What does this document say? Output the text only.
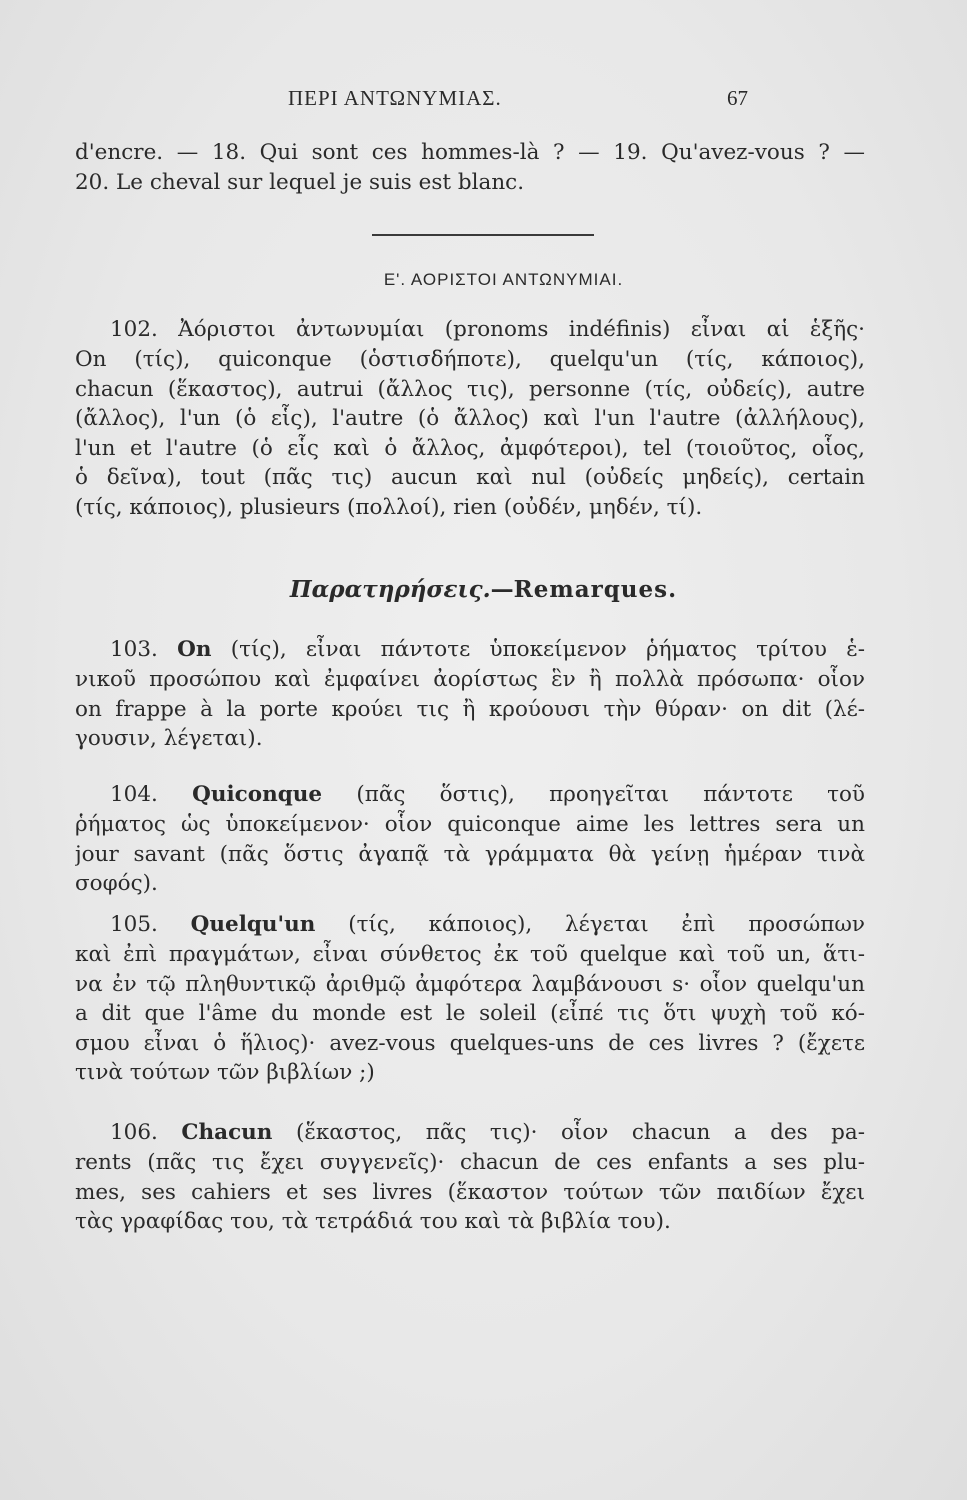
ΠΕΡΙ ΑΝΤΩΝΥΜΙΑΣ.	67
d'encre. — 18. Qui sont ces hommes-là ? — 19. Qu'avez-vous ? —
20. Le cheval sur lequel je suis est blanc.
Ε'. ΑΟΡΙΣΤΟΙ ΑΝΤΩΝΥΜΙΑΙ.
102. Ἀόριστοι ἀντωνυμίαι (pronoms indéfinis) εἶναι αἱ ἑξῆς·
On (τίς), quiconque (ὁστισδήποτε), quelqu'un (τίς, κάποιος),
chacun (ἕκαστος), autrui (ἄλλος τις), personne (τίς, οὐδείς), autre
(ἄλλος), l'un (ὁ εἷς), l'autre (ὁ ἄλλος) καὶ l'un l'autre (ἀλλήλους),
l'un et l'autre (ὁ εἷς καὶ ὁ ἄλλος, ἀμφότεροι), tel (τοιοῦτος, οἷος,
ὁ δεῖνα), tout (πᾶς τις) aucun καὶ nul (οὐδείς μηδείς), certain
(τίς, κάποιος), plusieurs (πολλοί), rien (οὐδέν, μηδέν, τί).
Παρατηρήσεις.—Remarques.
103. On (τίς), εἶναι πάντοτε ὑποκείμενον ῥήματος τρίτου ἑ-
νικοῦ προσώπου καὶ ἐμφαίνει ἀορίστως ἓν ἢ πολλὰ πρόσωπα· οἷον
on frappe à la porte κρούει τις ἢ κρούουσι τὴν θύραν· on dit (λέ-
γουσιν, λέγεται).
104. Quiconque (πᾶς ὅστις), προηγεῖται πάντοτε τοῦ
ῥήματος ὡς ὑποκείμενον· οἷον quiconque aime les lettres sera un
jour savant (πᾶς ὅστις ἀγαπᾷ τὰ γράμματα θὰ γείνῃ ἡμέραν τινὰ
σοφός).
105. Quelqu'un (τίς, κάποιος), λέγεται ἐπὶ προσώπων
καὶ ἐπὶ πραγμάτων, εἶναι σύνθετος ἐκ τοῦ quelque καὶ τοῦ un, ἅτι-
να ἐν τῷ πληθυντικῷ ἀριθμῷ ἀμφότερα λαμβάνουσι s· οἷον quelqu'un
a dit que l'âme du monde est le soleil (εἶπέ τις ὅτι ψυχὴ τοῦ κό-
σμου εἶναι ὁ ἥλιος)· avez-vous quelques-uns de ces livres ? (ἔχετε
τινὰ τούτων τῶν βιβλίων ;)
106. Chacun (ἕκαστος, πᾶς τις)· οἷον chacun a des pa-
rents (πᾶς τις ἔχει συγγενεῖς)· chacun de ces enfants a ses plu-
mes, ses cahiers et ses livres (ἕκαστον τούτων τῶν παιδίων ἔχει
τὰς γραφίδας του, τὰ τετράδιά του καὶ τὰ βιβλία του).
